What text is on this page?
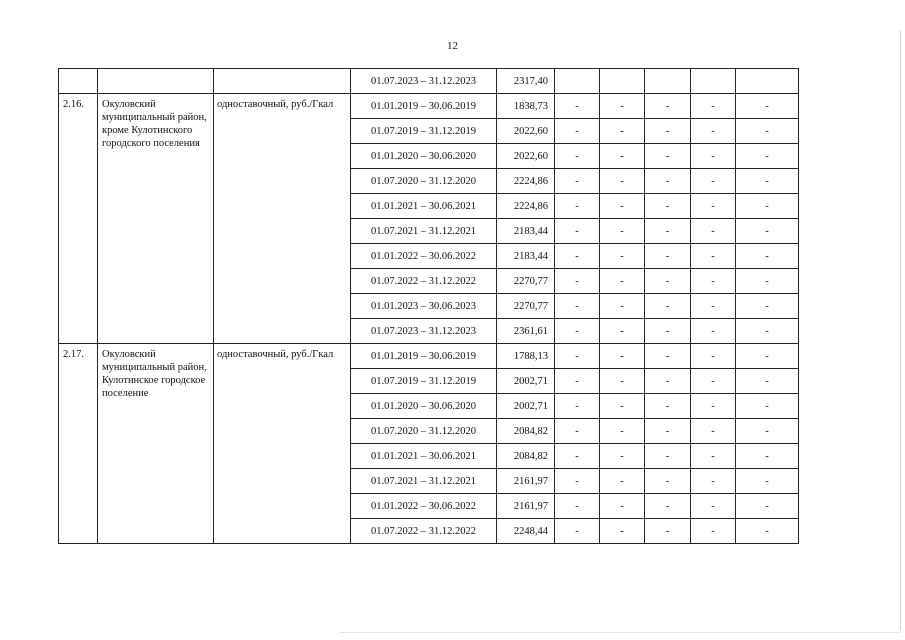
12
			01.07.2023 – 31.12.2023	2317,40					
2.16.	Окуловский муниципальный район, кроме Кулотинского городского поселения	одноставочный, руб./Гкал	01.01.2019 – 30.06.2019	1838,73	-	-	-	-	-
			01.07.2019 – 31.12.2019	2022,60	-	-	-	-	-
			01.01.2020 – 30.06.2020	2022,60	-	-	-	-	-
			01.07.2020 – 31.12.2020	2224,86	-	-	-	-	-
			01.01.2021 – 30.06.2021	2224,86	-	-	-	-	-
			01.07.2021 – 31.12.2021	2183,44	-	-	-	-	-
			01.01.2022 – 30.06.2022	2183,44	-	-	-	-	-
			01.07.2022 – 31.12.2022	2270,77	-	-	-	-	-
			01.01.2023 – 30.06.2023	2270,77	-	-	-	-	-
			01.07.2023 – 31.12.2023	2361,61	-	-	-	-	-
2.17.	Окуловский муниципальный район, Кулотинское городское поселение	одноставочный, руб./Гкал	01.01.2019 – 30.06.2019	1788,13	-	-	-	-	-
			01.07.2019 – 31.12.2019	2002,71	-	-	-	-	-
			01.01.2020 – 30.06.2020	2002,71	-	-	-	-	-
			01.07.2020 – 31.12.2020	2084,82	-	-	-	-	-
			01.01.2021 – 30.06.2021	2084,82	-	-	-	-	-
			01.07.2021 – 31.12.2021	2161,97	-	-	-	-	-
			01.01.2022 – 30.06.2022	2161,97	-	-	-	-	-
			01.07.2022 – 31.12.2022	2248,44	-	-	-	-	-
